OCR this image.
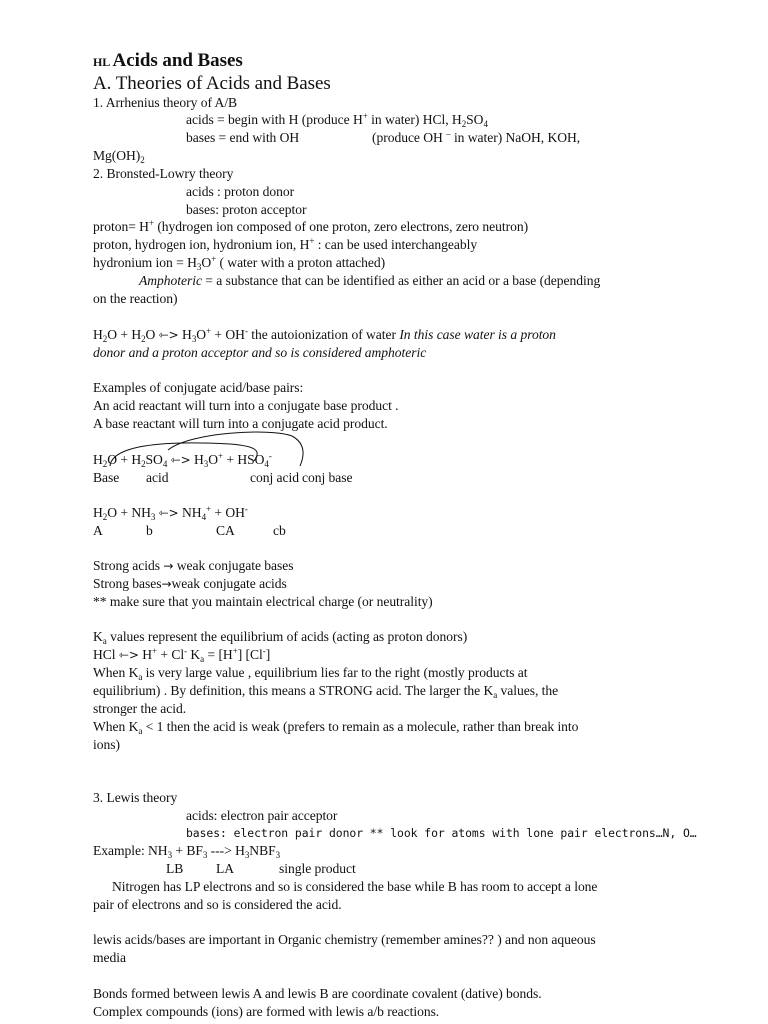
HL Acids and Bases
A. Theories of Acids and Bases
1. Arrhenius theory of A/B
acids = begin with H (produce H+ in water) HCl, $H_2SO_4$
bases = end with OH	(produce OH – in water) NaOH, KOH,
$Mg(OH)_2$
2. Bronsted-Lowry theory
acids : proton donor
bases: proton acceptor
proton= H+ (hydrogen ion composed of one proton, zero electrons, zero neutron)
proton, hydrogen ion, hydronium ion, H+ : can be used interchangeably
hydronium ion = $H_3O^+$ ( water with a proton attached)
Amphoteric = a substance that can be identified as either an acid or a base (depending
on the reaction)
$H_2O + H_2O$ ⇽> $H_3O^+ + OH^-$ the autoionization of water In this case water is a proton
donor and a proton acceptor and so is considered amphoteric
Examples of conjugate acid/base pairs:
An acid reactant will turn into a conjugate base product .
A base reactant will turn into a conjugate acid product.
$H_2O + H_2SO_4$ ⇽> $H_3O^+ + HSO_4^-$
Base acid	conj acid conj base
$H_2O + NH_3$ ⇽> $NH_4^+ + OH^-$
A	b	CA	cb
Strong acids → weak conjugate bases
Strong bases→weak conjugate acids
** make sure that you maintain electrical charge (or neutrality)
$K_a$ values represent the equilibrium of acids (acting as proton donors)
HCl ⇽> H+ + Cl- $K_a = [H^+]$ [Cl-]
When $K_a$ is very large value , equilibrium lies far to the right (mostly products at
equilibrium) . By definition, this means a STRONG acid. The larger the $K_a$ values, the
stronger the acid.
When $K_a < 1$ then the acid is weak (prefers to remain as a molecule, rather than break into
ions)
3. Lewis theory
acids: electron pair acceptor
bases: electron pair donor ** look for atoms with lone pair electrons…N, O…
Example: $NH_3 + BF_3$ ---> $H_3NBF_3$
LB LA	single product
Nitrogen has LP electrons and so is considered the base while B has room to accept a lone
pair of electrons and so is considered the acid.
lewis acids/bases are important in Organic chemistry (remember amines?? ) and non aqueous
media
Bonds formed between lewis A and lewis B are coordinate covalent (dative) bonds.
Complex compounds (ions) are formed with lewis a/b reactions.
